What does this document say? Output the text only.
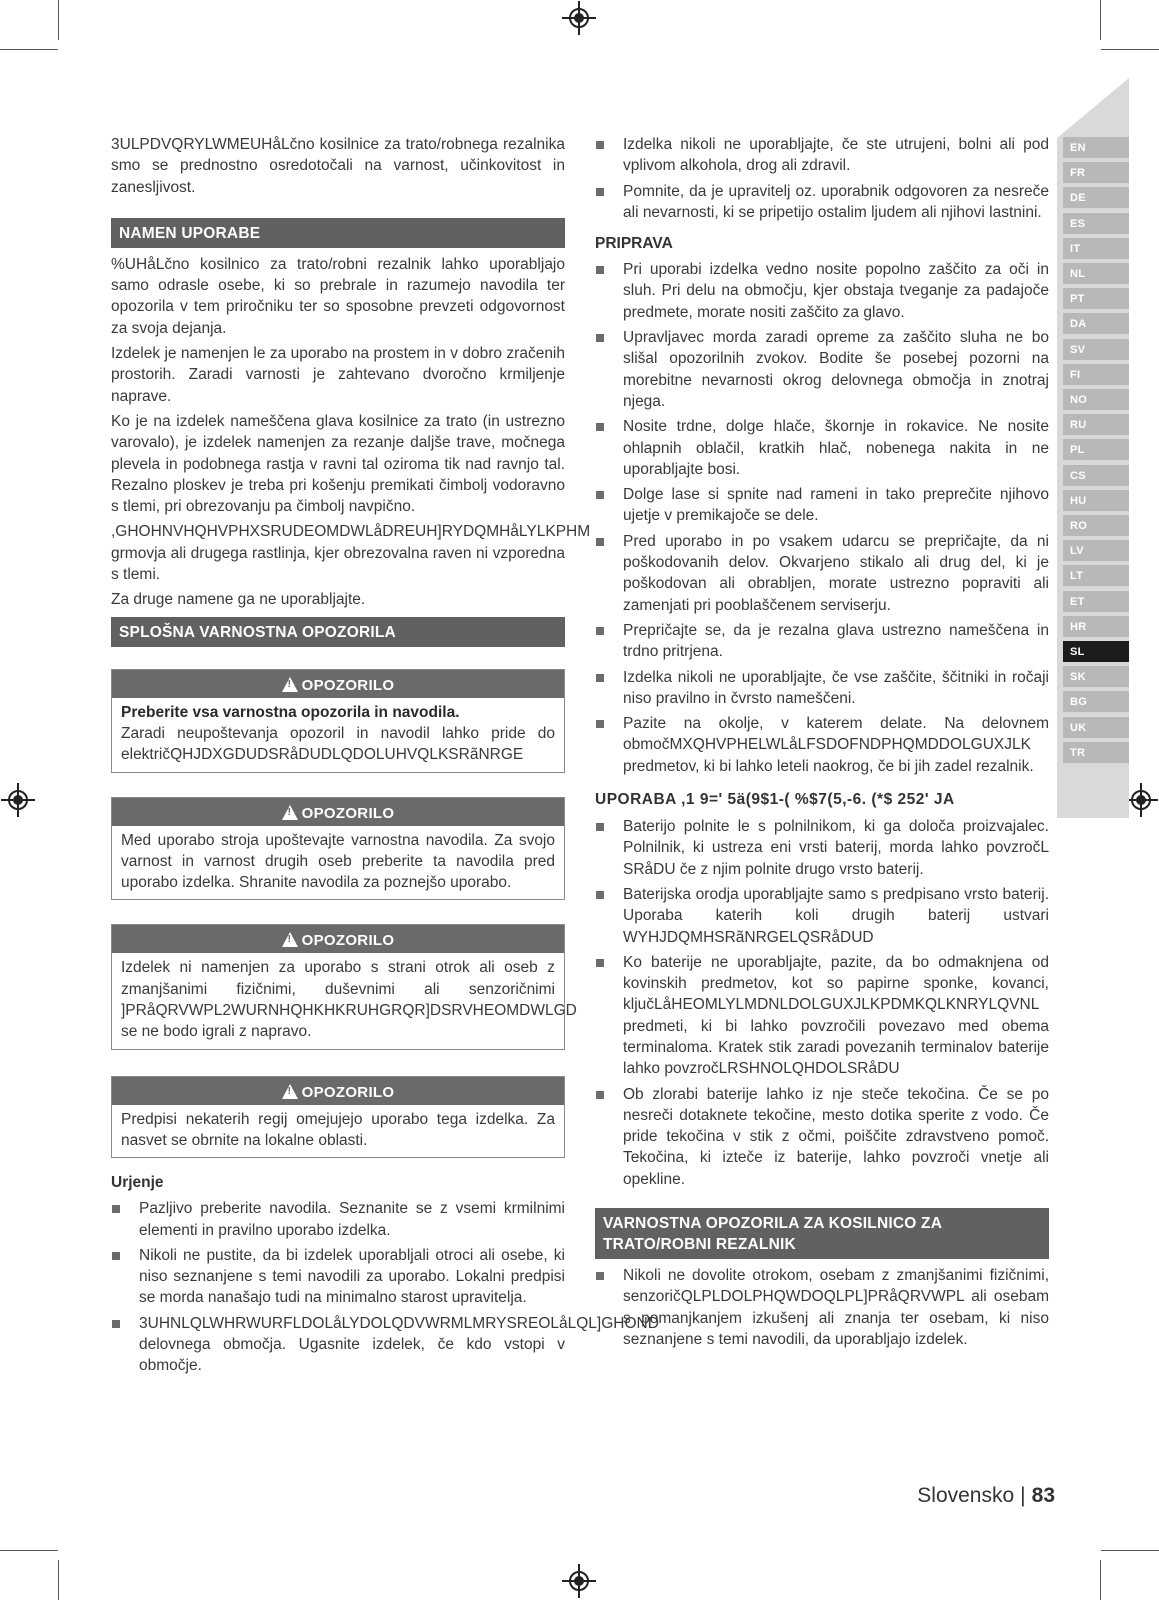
3ULPDVQRYLWMEUHåLčno kosilnice za trato/robnega rezalnika smo se prednostno osredotočali na varnost, učinkovitost in zanesljivost.

NAMEN UPORABE

%UHåLčno kosilnico za trato/robni rezalnik lahko uporabljajo samo odrasle osebe, ki so prebrale in razumejo navodila ter opozorila v tem priročniku ter so sposobne prevzeti odgovornost za svoja dejanja.

Izdelek je namenjen le za uporabo na prostem in v dobro zračenih prostorih. Zaradi varnosti je zahtevano dvoročno krmiljenje naprave.

Ko je na izdelek nameščena glava kosilnice za trato (in ustrezno varovalo), je izdelek namenjen za rezanje daljše trave, močnega plevela in podobnega rastja v ravni tal oziroma tik nad ravnjo tal. Rezalno ploskev je treba pri košenju premikati čimbolj vodoravno s tlemi, pri obrezovanju pa čimbolj navpično.

,GHOHNVHQHVPHXSRUDEOMDWLåDREUH]RYDQMHåLYLKPHM grmovja ali drugega rastlinja, kjer obrezovalna raven ni vzporedna s tlemi.

Za druge namene ga ne uporabljajte.

SPLOŠNA VARNOSTNA OPOZORILA
!OPOZORILO

Preberite vsa varnostna opozorila in navodila.

Zaradi neupoštevanja opozoril in navodil lahko pride do električQHJDXGDUDSRåDUDLQDOLUHVQLKSRãNRGE

!OPOZORILO

Med uporabo stroja upoštevajte varnostna navodila. Za svojo varnost in varnost drugih oseb preberite ta navodila pred uporabo izdelka. Shranite navodila za poznejšo uporabo.

!OPOZORILO

Izdelek ni namenjen za uporabo s strani otrok ali oseb z zmanjšanimi fizičnimi, duševnimi ali senzoričnimi ]PRåQRVWPL2WURNHQHKHKRUHGRQR]DSRVHEOMDWLGD se ne bodo igrali z napravo.

!OPOZORILO

Predpisi nekaterih regij omejujejo uporabo tega izdelka. Za nasvet se obrnite na lokalne oblasti.

Urjenje
Pazljivo preberite navodila. Seznanite se z vsemi krmilnimi elementi in pravilno uporabo izdelka.
Nikoli ne pustite, da bi izdelek uporabljali otroci ali osebe, ki niso seznanjene s temi navodili za uporabo. Lokalni predpisi se morda nanašajo tudi na minimalno starost upravitelja.
3UHNLQLWHRWURFLDOLåLYDOLQDVWRMLMRYSREOLåLQL]GHOND delovnega območja. Ugasnite izdelek, če kdo vstopi v območje.
Izdelka nikoli ne uporabljajte, če ste utrujeni, bolni ali pod vplivom alkohola, drog ali zdravil.
Pomnite, da je upravitelj oz. uporabnik odgovoren za nesreče ali nevarnosti, ki se pripetijo ostalim ljudem ali njihovi lastnini.
PRIPRAVA
Pri uporabi izdelka vedno nosite popolno zaščito za oči in sluh. Pri delu na območju, kjer obstaja tveganje za padajoče predmete, morate nositi zaščito za glavo.
Upravljavec morda zaradi opreme za zaščito sluha ne bo slišal opozorilnih zvokov. Bodite še posebej pozorni na morebitne nevarnosti okrog delovnega območja in znotraj njega.
Nosite trdne, dolge hlače, škornje in rokavice. Ne nosite ohlapnih oblačil, kratkih hlač, nobenega nakita in ne uporabljajte bosi.
Dolge lase si spnite nad rameni in tako preprečite njihovo ujetje v premikajoče se dele.
Pred uporabo in po vsakem udarcu se prepričajte, da ni poškodovanih delov. Okvarjeno stikalo ali drug del, ki je poškodovan ali obrabljen, morate ustrezno popraviti ali zamenjati pri pooblaščenem serviserju.
Prepričajte se, da je rezalna glava ustrezno nameščena in trdno pritrjena.
Izdelka nikoli ne uporabljajte, če vse zaščite, ščitniki in ročaji niso pravilno in čvrsto nameščeni.
Pazite na okolje, v katerem delate. Na delovnem območMXQHVPHELWLåLFSDOFNDPHQMDDOLGUXJLK predmetov, ki bi lahko leteli naokrog, če bi jih zadel rezalnik.
UPORABA ,1 9=' 5ä(9$1-( %$7(5,-6. (*$ 252' JA
Baterijo polnite le s polnilnikom, ki ga določa proizvajalec. Polnilnik, ki ustreza eni vrsti baterij, morda lahko povzročL SRåDU če z njim polnite drugo vrsto baterij.
Baterijska orodja uporabljajte samo s predpisano vrsto baterij. Uporaba katerih koli drugih baterij ustvari WYHJDQMHSRãNRGELQSRåDUD
Ko baterije ne uporabljajte, pazite, da bo odmaknjena od kovinskih predmetov, kot so papirne sponke, kovanci, ključLåHEOMLYLMDNLDOLGUXJLKPDMKQLKNRYLQVNL predmeti, ki bi lahko povzročili povezavo med obema terminaloma. Kratek stik zaradi povezanih terminalov baterije lahko povzročLRSHNOLQHDOLSRåDU
Ob zlorabi baterije lahko iz nje steče tekočina. Če se po nesreči dotaknete tekočine, mesto dotika sperite z vodo. Če pride tekočina v stik z očmi, poiščite zdravstveno pomoč. Tekočina, ki izteče iz baterije, lahko povzroči vnetje ali opekline.
VARNOSTNA OPOZORILA ZA KOSILNICO ZA TRATO/ROBNI REZALNIK
Nikoli ne dovolite otrokom, osebam z zmanjšanimi fizičnimi, senzoričQLPLDOLPHQWDOQLPL]PRåQRVWPL ali osebam s pomanjkanjem izkušenj ali znanja ter osebam, ki niso seznanjene s temi navodili, da uporabljajo izdelek.
EN
FR
DE
ES
IT
NL
PT
DA
SV
FI
NO
RU
PL
CS
HU
RO
LV
LT
ET
HR
SL
SK
BG
UK
TR
Slovensko | 83
